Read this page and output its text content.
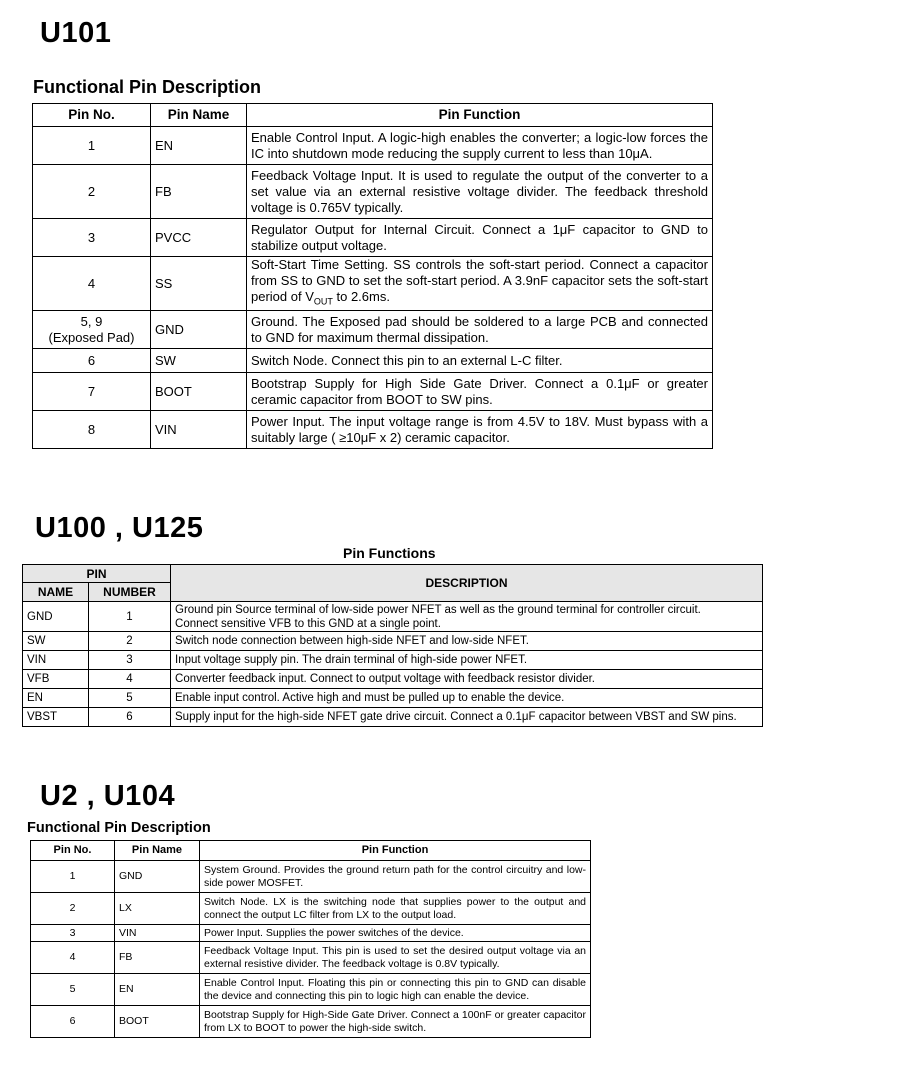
U101
Functional Pin Description
Pin No.	Pin Name	Pin Function
1	EN	Enable Control Input. A logic-high enables the converter; a logic-low forces the IC into shutdown mode reducing the supply current to less than 10μA.
2	FB	Feedback Voltage Input. It is used to regulate the output of the converter to a set value via an external resistive voltage divider. The feedback threshold voltage is 0.765V typically.
3	PVCC	Regulator Output for Internal Circuit. Connect a 1μF capacitor to GND to stabilize output voltage.
4	SS	Soft-Start Time Setting. SS controls the soft-start period. Connect a capacitor from SS to GND to set the soft-start period. A 3.9nF capacitor sets the soft-start period of $V_{OUT}$ to 2.6ms.

5, 9
(Exposed Pad)	GND	Ground. The Exposed pad should be soldered to a large PCB and connected to GND for maximum thermal dissipation.
6	SW	Switch Node. Connect this pin to an external L-C filter.
7	BOOT	Bootstrap Supply for High Side Gate Driver. Connect a 0.1μF or greater ceramic capacitor from BOOT to SW pins.
8	VIN	Power Input. The input voltage range is from 4.5V to 18V. Must bypass with a suitably large ( ≥10μF x 2) ceramic capacitor.
U100 , U125
Pin Functions
PIN		DESCRIPTION
NAME	NUMBER	
GND	1	Ground pin Source terminal of low-side power NFET as well as the ground terminal for controller circuit.
Connect sensitive VFB to this GND at a single point.

SW	2	Switch node connection between high-side NFET and low-side NFET.
VIN	3	Input voltage supply pin. The drain terminal of high-side power NFET.
VFB	4	Converter feedback input. Connect to output voltage with feedback resistor divider.
EN	5	Enable input control. Active high and must be pulled up to enable the device.
VBST	6	Supply input for the high-side NFET gate drive circuit. Connect a 0.1μF capacitor between VBST and SW pins.
U2 , U104
Functional Pin Description
Pin No.	Pin Name	Pin Function
1	GND	System Ground. Provides the ground return path for the control circuitry and low-side power MOSFET.
2	LX	Switch Node. LX is the switching node that supplies power to the output and connect the output LC filter from LX to the output load.
3	VIN	Power Input. Supplies the power switches of the device.
4	FB	Feedback Voltage Input. This pin is used to set the desired output voltage via an external resistive divider. The feedback voltage is 0.8V typically.
5	EN	Enable Control Input. Floating this pin or connecting this pin to GND can disable the device and connecting this pin to logic high can enable the device.
6	BOOT	Bootstrap Supply for High-Side Gate Driver. Connect a 100nF or greater capacitor from LX to BOOT to power the high-side switch.
